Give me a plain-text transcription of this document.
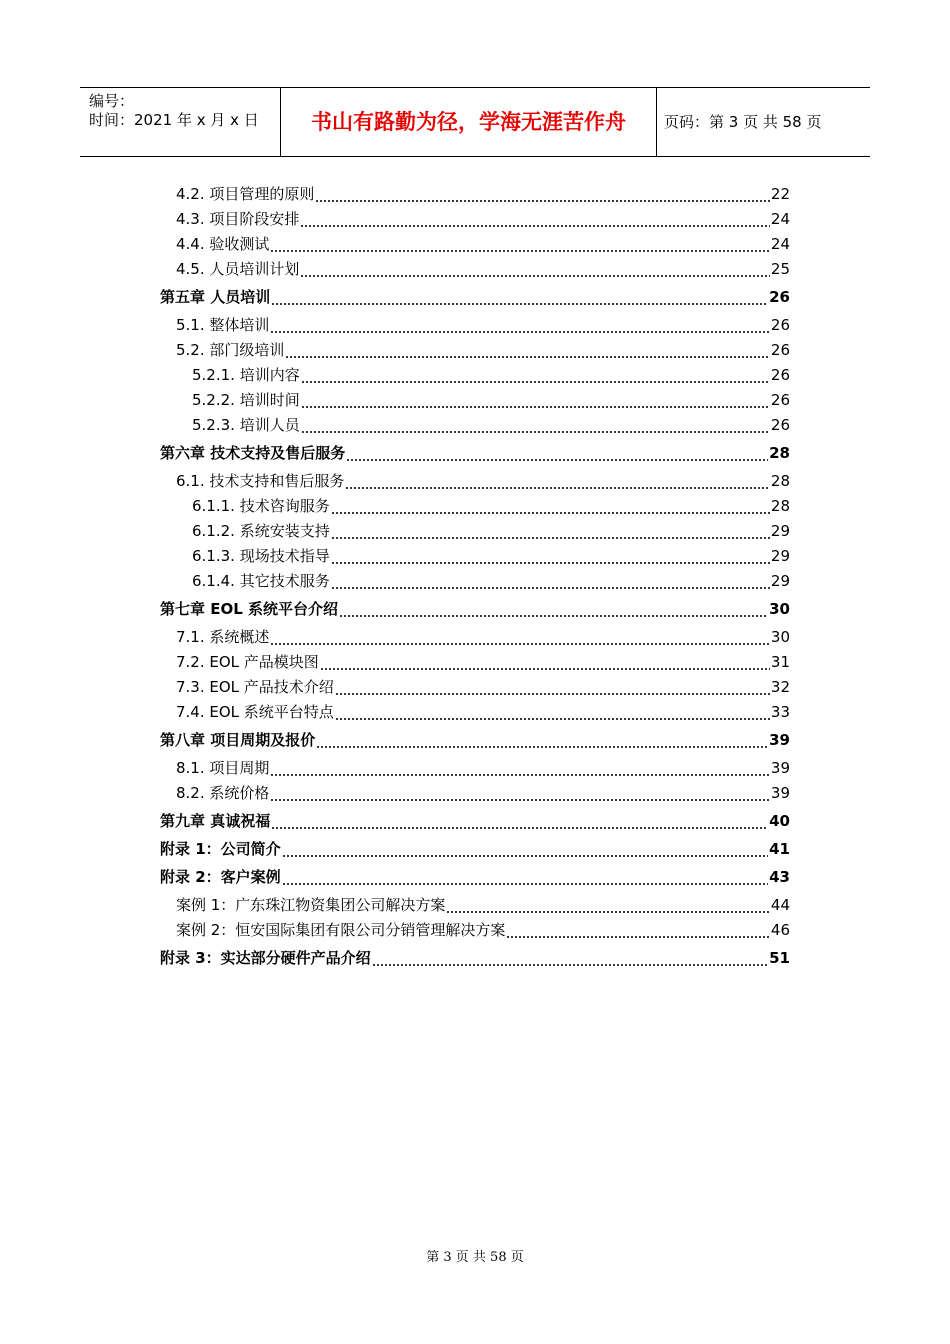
编号：
时间：2021 年 x 月 x 日	书山有路勤为径，学海无涯苦作舟	页码：第 3 页 共 58 页
4.2. 项目管理的原则	22
4.3. 项目阶段安排	24
4.4. 验收测试	24
4.5. 人员培训计划	25
第五章 人员培训	26
5.1. 整体培训	26
5.2. 部门级培训	26
5.2.1. 培训内容	26
5.2.2. 培训时间	26
5.2.3. 培训人员	26
第六章 技术支持及售后服务	28
6.1. 技术支持和售后服务	28
6.1.1. 技术咨询服务	28
6.1.2. 系统安装支持	29
6.1.3. 现场技术指导	29
6.1.4. 其它技术服务	29
第七章 EOL 系统平台介绍	30
7.1. 系统概述	30
7.2. EOL 产品模块图	31
7.3. EOL 产品技术介绍	32
7.4. EOL 系统平台特点	33
第八章 项目周期及报价	39
8.1. 项目周期	39
8.2. 系统价格	39
第九章 真诚祝福	40
附录 1：公司简介	41
附录 2：客户案例	43
案例 1：广东珠江物资集团公司解决方案	44
案例 2：恒安国际集团有限公司分销管理解决方案	46
附录 3：实达部分硬件产品介绍	51
第 3 页 共 58 页
